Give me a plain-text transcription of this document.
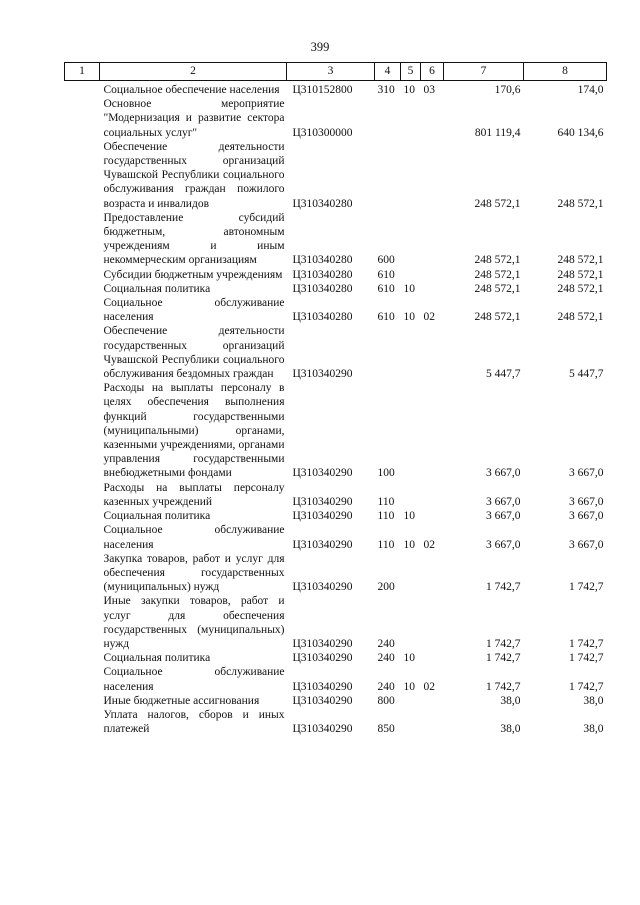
399
1	2	3	4	5	6	7	8
	Социальное обеспечение населения	Ц310152800	310	10	03	170,6	174,0
	Основное мероприятие "Модернизация и развитие сектора социальных услуг"	Ц310300000				801 119,4	640 134,6
	Обеспечение деятельности государственных организаций Чувашской Республики социального обслуживания граждан пожилого возраста и инвалидов	Ц310340280				248 572,1	248 572,1
	Предоставление субсидий бюджетным, автономным учреждениям и иным некоммерческим организациям	Ц310340280	600			248 572,1	248 572,1
	Субсидии бюджетным учреждениям	Ц310340280	610			248 572,1	248 572,1
	Социальная политика	Ц310340280	610	10		248 572,1	248 572,1
	Социальное обслуживание населения	Ц310340280	610	10	02	248 572,1	248 572,1
	Обеспечение деятельности государственных организаций Чувашской Республики социального обслуживания бездомных граждан	Ц310340290				5 447,7	5 447,7
	Расходы на выплаты персоналу в целях обеспечения выполнения функций государственными (муниципальными) органами, казенными учреждениями, органами управления государственными внебюджетными фондами	Ц310340290	100			3 667,0	3 667,0
	Расходы на выплаты персоналу казенных учреждений	Ц310340290	110			3 667,0	3 667,0
	Социальная политика	Ц310340290	110	10		3 667,0	3 667,0
	Социальное обслуживание населения	Ц310340290	110	10	02	3 667,0	3 667,0
	Закупка товаров, работ и услуг для обеспечения государственных (муниципальных) нужд	Ц310340290	200			1 742,7	1 742,7
	Иные закупки товаров, работ и услуг для обеспечения государственных (муниципальных) нужд	Ц310340290	240			1 742,7	1 742,7
	Социальная политика	Ц310340290	240	10		1 742,7	1 742,7
	Социальное обслуживание населения	Ц310340290	240	10	02	1 742,7	1 742,7
	Иные бюджетные ассигнования	Ц310340290	800			38,0	38,0
	Уплата налогов, сборов и иных платежей	Ц310340290	850			38,0	38,0
